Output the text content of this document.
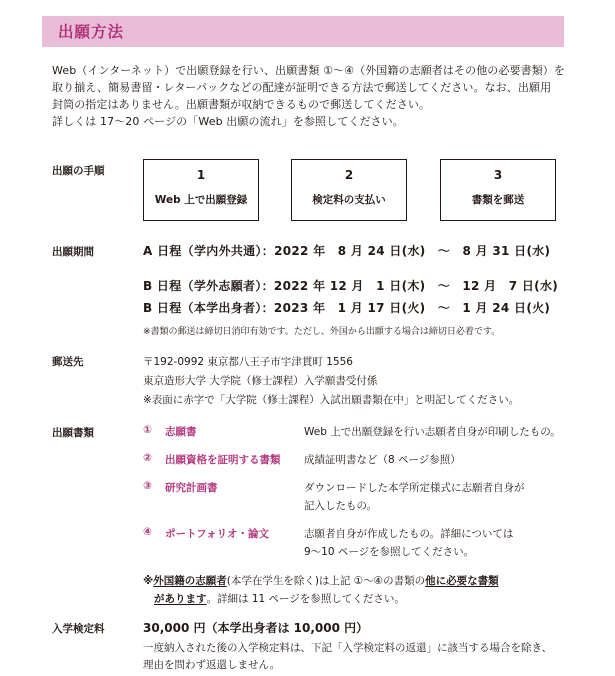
出願方法
Web（インターネット）で出願登録を行い、出願書類 ①〜④（外国籍の志願者はその他の必要書類）を
取り揃え、簡易書留・レターパックなどの配達が証明できる方法で郵送してください。なお、出願用
封筒の指定はありません。出願書類が収納できるもので郵送してください。
詳しくは 17〜20 ページの「Web 出願の流れ」を参照してください。
出願の手順	1
Web 上で出願登録
2
検定料の支払い
3
書類を郵送
出願期間	A 日程（学内外共通）：2022 年　8 月 24 日(水)　〜　8 月 31 日(水)
B 日程（学外志願者）：2022 年 12 月　1 日(木)　〜　12 月　7 日(水)
B 日程（本学出身者）：2023 年　1 月 17 日(火)　〜　1 月 24 日(火)
※書類の郵送は締切日消印有効です。ただし、外国から出願する場合は締切日必着です。
郵送先	〒192-0992 東京都八王子市宇津貫町 1556
東京造形大学 大学院（修士課程）入学願書受付係
※表面に赤字で「大学院（修士課程）入試出願書類在中」と明記してください。
出願書類	① 志願書	Web 上で出願登録を行い志願者自身が印刷したもの。
② 出願資格を証明する書類 成績証明書など（8 ページ参照）
③ 研究計画書	ダウンロードした本学所定様式に志願者自身が
記入したもの。
④ ポートフォリオ・論文	志願者自身が作成したもの。詳細については
9〜10 ページを参照してください。
※外国籍の志願者(本学在学生を除く)は上記 ①〜④の書類の他に必要な書類
があります。詳細は 11 ページを参照してください。
入学検定料	30,000 円（本学出身者は 10,000 円）
一度納入された後の入学検定料は、下記「入学検定料の返還」に該当する場合を除き、
理由を問わず返還しません。
